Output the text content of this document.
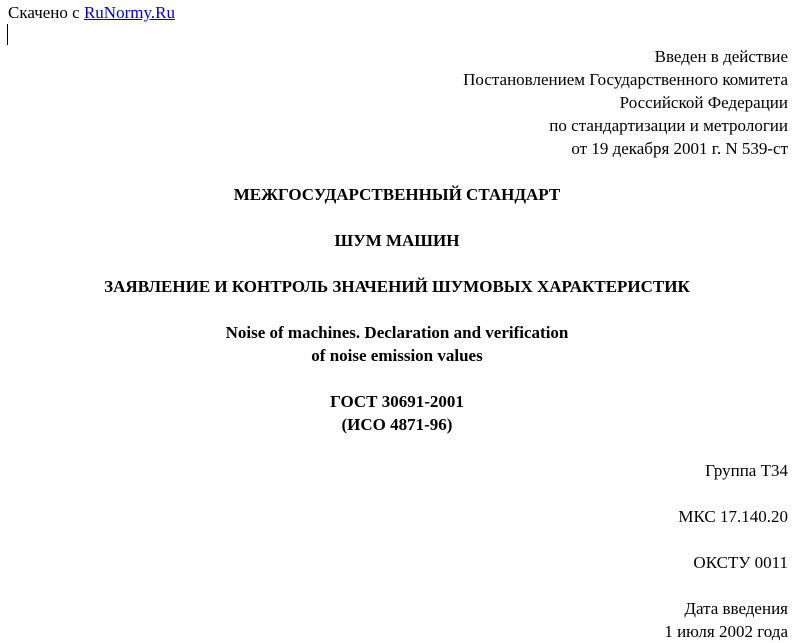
Скачено с RuNormy.Ru
Введен в действие
Постановлением Государственного комитета
Российской Федерации
по стандартизации и метрологии
от 19 декабря 2001 г. N 539-ст
МЕЖГОСУДАРСТВЕННЫЙ СТАНДАРТ
ШУМ МАШИН
ЗАЯВЛЕНИЕ И КОНТРОЛЬ ЗНАЧЕНИЙ ШУМОВЫХ ХАРАКТЕРИСТИК
Noise of machines. Declaration and verification
of noise emission values
ГОСТ 30691-2001
(ИСО 4871-96)
Группа Т34
МКС 17.140.20
ОКСТУ 0011
Дата введения
1 июля 2002 года
